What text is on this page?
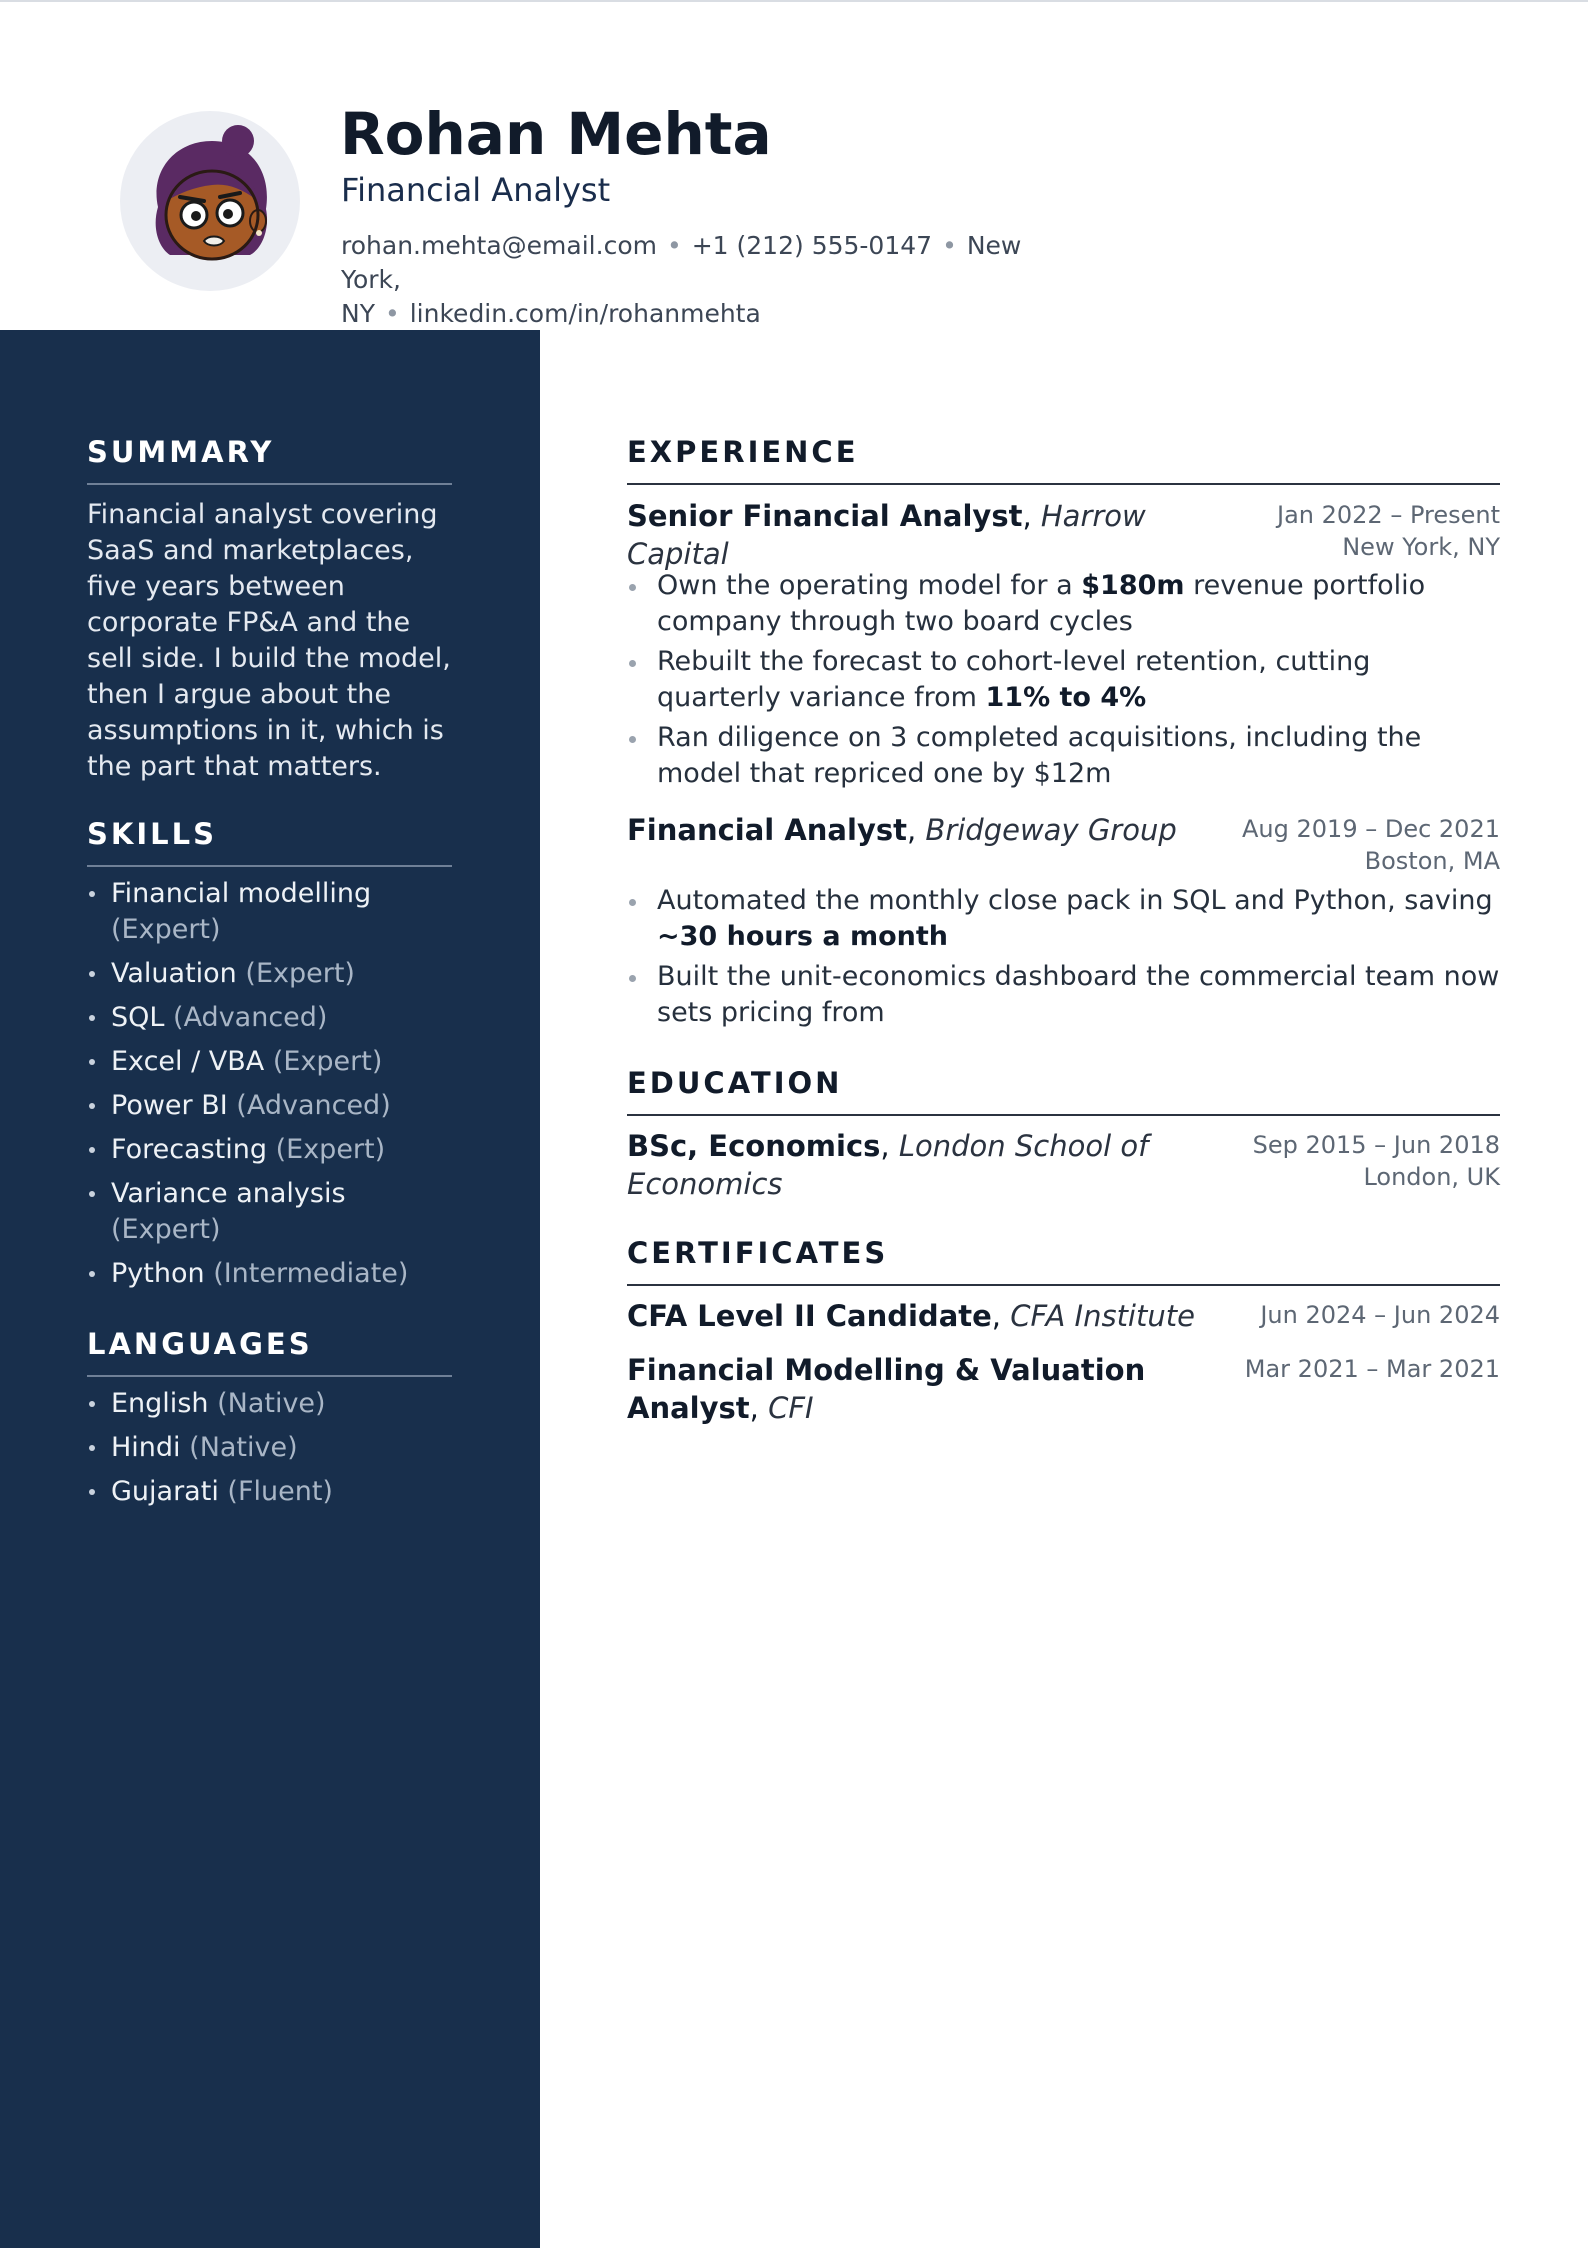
Rohan Mehta
Financial Analyst
rohan.mehta@email.com • +1 (212) 555-0147 • New York,
NY • linkedin.com/in/rohanmehta
SUMMARY
Financial analyst covering SaaS and marketplaces, five years between corporate FP&A and the sell side. I build the model, then I argue about the assumptions in it, which is the part that matters.
SKILLS
Financial modelling
(Expert)
Valuation (Expert)
SQL (Advanced)
Excel / VBA (Expert)
Power BI (Advanced)
Forecasting (Expert)
Variance analysis
(Expert)
Python (Intermediate)
LANGUAGES
English (Native)
Hindi (Native)
Gujarati (Fluent)
EXPERIENCE
Senior Financial Analyst, Harrow Capital
Jan 2022 – Present
New York, NY
Own the operating model for a $180m revenue portfolio company through two board cycles
Rebuilt the forecast to cohort-level retention, cutting quarterly variance from 11% to 4%
Ran diligence on 3 completed acquisitions, including the model that repriced one by $12m
Financial Analyst, Bridgeway Group	Aug 2019 – Dec 2021
Boston, MA
Automated the monthly close pack in SQL and Python, saving ~30 hours a month
Built the unit-economics dashboard the commercial team now sets pricing from
EDUCATION
BSc, Economics, London School of Economics
Sep 2015 – Jun 2018
London, UK
CERTIFICATES
CFA Level II Candidate, CFA Institute	Jun 2024 – Jun 2024
Financial Modelling & Valuation Analyst, CFI
Mar 2021 – Mar 2021
